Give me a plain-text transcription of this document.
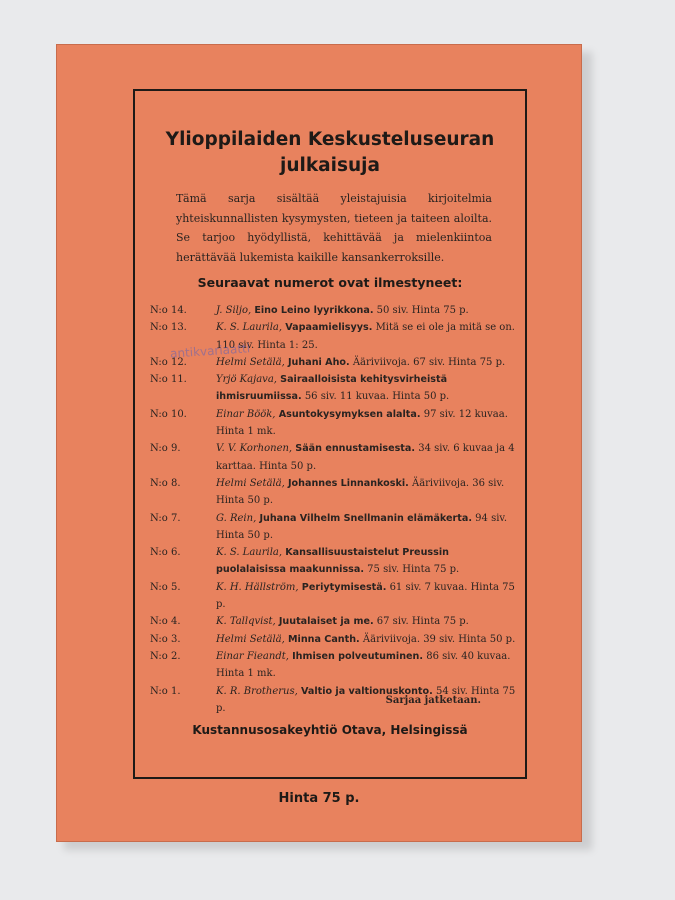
Ylioppilaiden Keskusteluseuran julkaisuja
Tämä sarja sisältää yleistajuisia kirjoitelmia yhteiskunnallisten kysymysten, tieteen ja taiteen aloilta. Se tarjoo hyödyllistä, kehittävää ja mielenkiintoa herättävää lukemista kaikille kansankerroksille.
Seuraavat numerot ovat ilmestyneet:
N:o 14.	J. Siljo, Eino Leino lyyrikkona. 50 siv. Hinta 75 p.
N:o 13.	K. S. Laurila, Vapaamielisyys. Mitä se ei ole ja mitä se on. 110 siv. Hinta 1: 25.
N:o 12.	Helmi Setälä, Juhani Aho. Ääriviivoja. 67 siv. Hinta 75 p.
N:o 11.	Yrjö Kajava, Sairaalloisista kehitysvirheistä ihmisruumiissa. 56 siv. 11 kuvaa. Hinta 50 p.
N:o 10.	Einar Böök, Asuntokysymyksen alalta. 97 siv. 12 kuvaa. Hinta 1 mk.
N:o 9.	V. V. Korhonen, Sään ennustamisesta. 34 siv. 6 kuvaa ja 4 karttaa. Hinta 50 p.
N:o 8.	Helmi Setälä, Johannes Linnankoski. Ääriviivoja. 36 siv. Hinta 50 p.
N:o 7.	G. Rein, Juhana Vilhelm Snellmanin elämäkerta. 94 siv. Hinta 50 p.
N:o 6.	K. S. Laurila, Kansallisuustaistelut Preussin puolalaisissa maakunnissa. 75 siv. Hinta 75 p.
N:o 5.	K. H. Hällström, Periytymisestä. 61 siv. 7 kuvaa. Hinta 75 p.
N:o 4.	K. Tallqvist, Juutalaiset ja me. 67 siv. Hinta 75 p.
N:o 3.	Helmi Setälä, Minna Canth. Ääriviivoja. 39 siv. Hinta 50 p.
N:o 2.	Einar Fieandt, Ihmisen polveutuminen. 86 siv. 40 kuvaa. Hinta 1 mk.
N:o 1.	K. R. Brotherus, Valtio ja valtionuskonto. 54 siv. Hinta 75 p.
Sarjaa jatketaan.
Kustannusosakeyhtiö Otava, Helsingissä
Hinta 75 p.
antikvariaatti
